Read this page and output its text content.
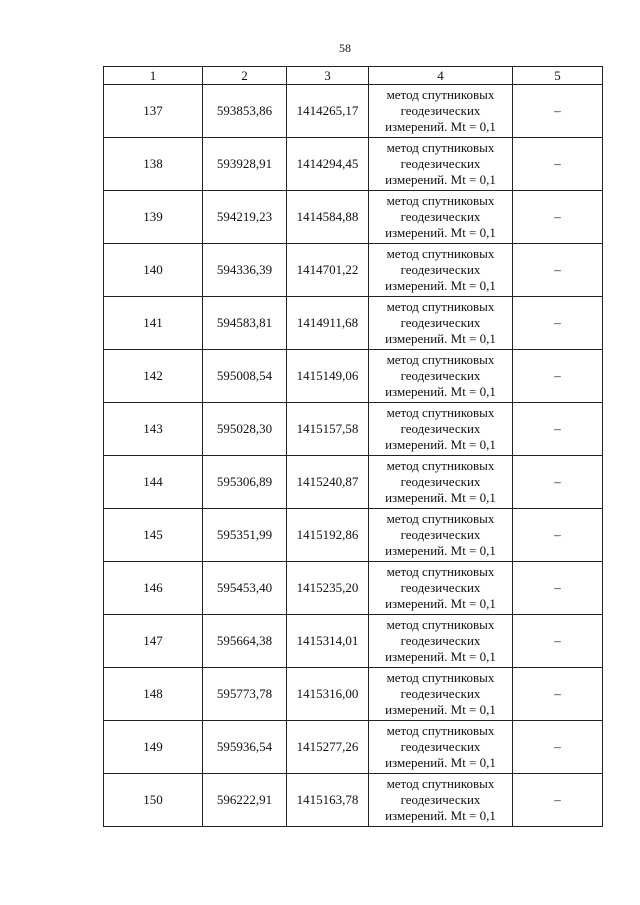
58
1	2	3	4	5
137	593853,86	1414265,17	метод спутниковых
геодезических
измерений. Mt = 0,1	–
138	593928,91	1414294,45	метод спутниковых
геодезических
измерений. Mt = 0,1	–
139	594219,23	1414584,88	метод спутниковых
геодезических
измерений. Mt = 0,1	–
140	594336,39	1414701,22	метод спутниковых
геодезических
измерений. Mt = 0,1	–
141	594583,81	1414911,68	метод спутниковых
геодезических
измерений. Mt = 0,1	–
142	595008,54	1415149,06	метод спутниковых
геодезических
измерений. Mt = 0,1	–
143	595028,30	1415157,58	метод спутниковых
геодезических
измерений. Mt = 0,1	–
144	595306,89	1415240,87	метод спутниковых
геодезических
измерений. Mt = 0,1	–
145	595351,99	1415192,86	метод спутниковых
геодезических
измерений. Mt = 0,1	–
146	595453,40	1415235,20	метод спутниковых
геодезических
измерений. Mt = 0,1	–
147	595664,38	1415314,01	метод спутниковых
геодезических
измерений. Mt = 0,1	–
148	595773,78	1415316,00	метод спутниковых
геодезических
измерений. Mt = 0,1	–
149	595936,54	1415277,26	метод спутниковых
геодезических
измерений. Mt = 0,1	–
150	596222,91	1415163,78	метод спутниковых
геодезических
измерений. Mt = 0,1	–
